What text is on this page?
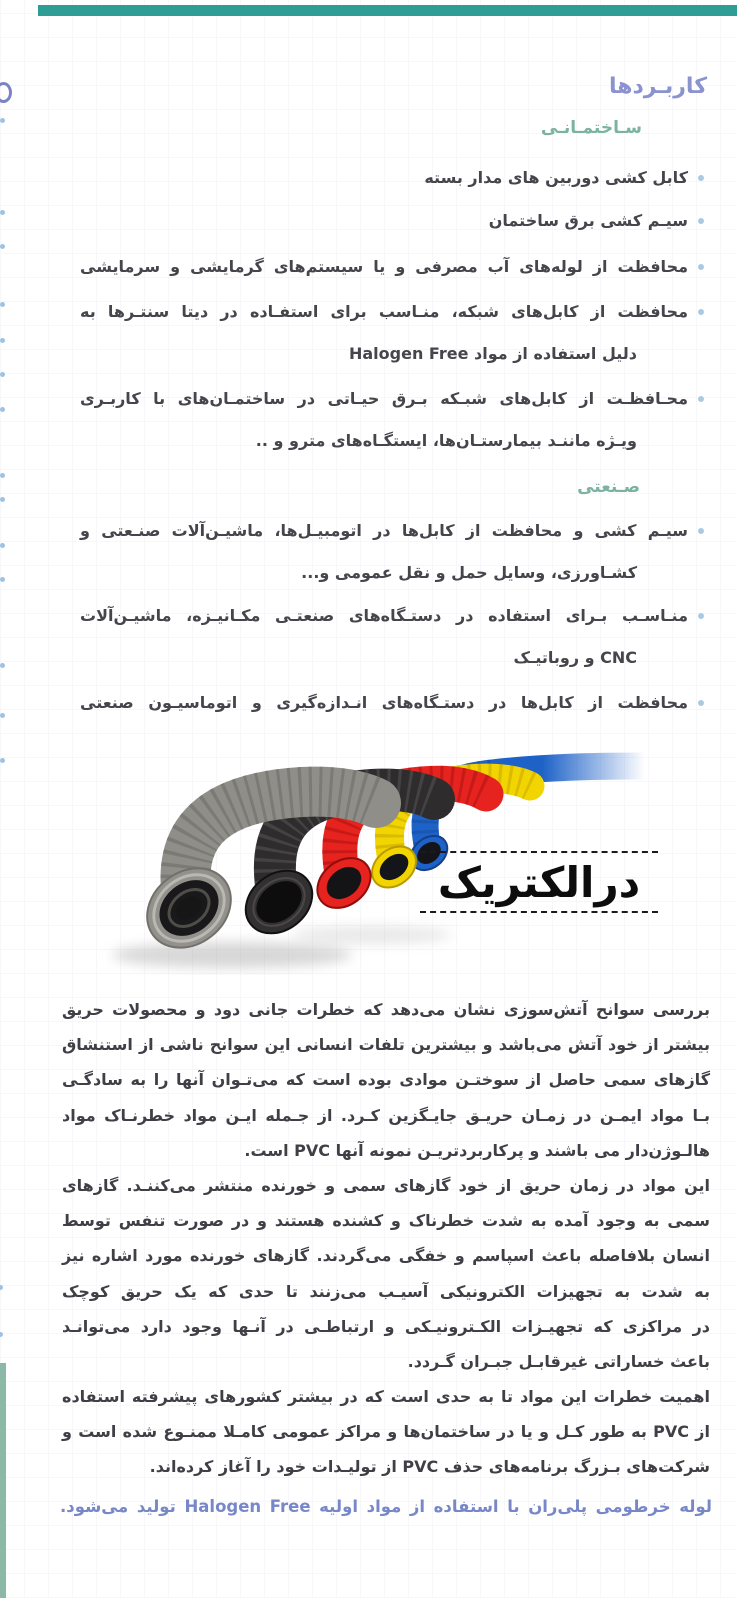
کاربـردها
سـاختمـانـی
صـنعتی
کابل کشی دوربین های مدار بسته
سیـم کشی برق ساختمان
محافظت از لوله‌های آب مصرفی و یا سیستم‌های گرمایشی و سرمایشی
محافظت از کابل‌های شبکه، منـاسب برای استفـاده در دیتا سنتـرها به
دلیل استفاده از مواد Halogen Free
محـافظـت از کابل‌های شبـکه بـرق حیـاتی در ساختمـان‌های با کاربـری
ویـژه ماننـد بیمارستـان‌ها، ایستگـاه‌های مترو و ..
سیـم کشی و محافظت از کابل‌ها در اتومبیـل‌ها، ماشیـن‌آلات صنـعتی و
کشـاورزی، وسایل حمل و نقل عمومی و...
منـاسـب بـرای استفاده در دستـگاه‌های صنعتـی مکـانیـزه، ماشیـن‌آلات
CNC و روباتیـک
محافظت از کابل‌ها در دستـگاه‌های انـدازه‌گیری و اتوماسیـون صنعتی
درالکتریک
بررسی سوانح آتش‌سوزی نشان می‌دهد که خطرات جانی دود و محصولات حریق
بیشتر از خود آتش می‌باشد و بیشترین تلفات انسانی این سوانح ناشی از استنشاق
گازهای سمی حاصل از سوختـن موادی بوده است که می‌تـوان آنها را به سادگـی
بـا مواد ایمـن در زمـان حریـق جایـگزین کـرد. از جـمله ایـن مواد خطرنـاک مواد
هالـوژن‌دار می باشند و پرکاربردتریـن نمونه آنها PVC است.
این مواد در زمان حریق از خود گازهای سمی و خورنده منتشر می‌کننـد. گازهای
سمی به وجود آمده به شدت خطرناک و کشنده هستند و در صورت تنفس توسط
انسان بلافاصله باعث اسپاسم و خفگی می‌گردند. گازهای خورنده مورد اشاره نیز
به شدت به تجهیزات الکترونیکی آسیـب می‌زنند تا حدی که یک حریق کوچک
در مراکزی که تجهیـزات الکـترونیـکی و ارتباطـی در آنـها وجود دارد می‌توانـد
باعث خساراتی غیرقابـل جبـران گـردد.
اهمیت خطرات این مواد تا به حدی است که در بیشتر کشورهای پیشرفته استفاده
از PVC به طور کـل و یا در ساختمان‌ها و مراکز عمومی کامـلا ممنـوع شده است و
شرکت‌های بـزرگ برنامه‌های حذف PVC از تولیـدات خود را آغاز کرده‌اند.
لوله خرطومی پلی‌ران با استفاده از مواد اولیه Halogen Free تولید می‌شود.
